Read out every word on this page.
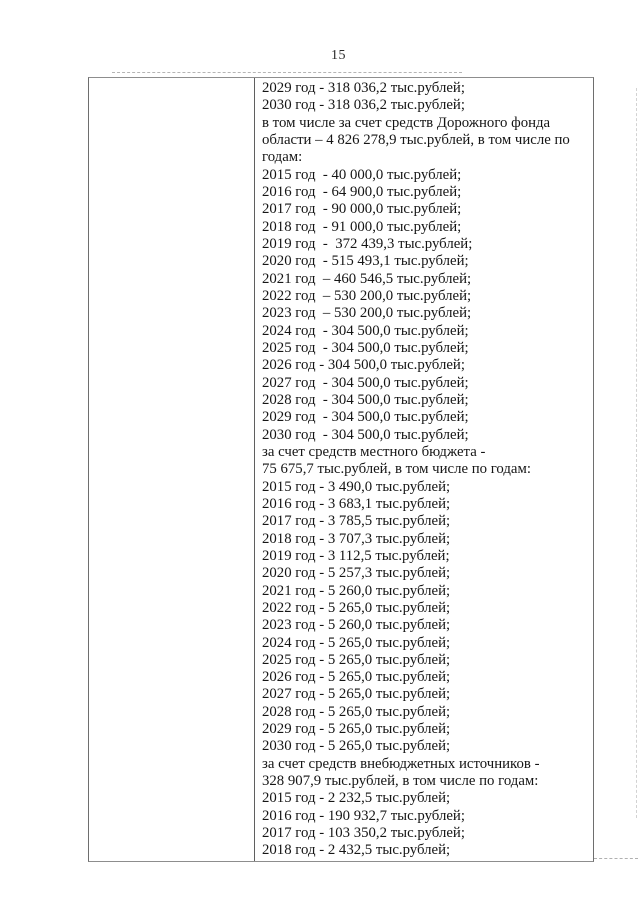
15
2029 год - 318 036,2 тыс.рублей;
2030 год - 318 036,2 тыс.рублей;
в том числе за счет средств Дорожного фонда
области – 4 826 278,9 тыс.рублей, в том числе по
годам:
2015 год  - 40 000,0 тыс.рублей;
2016 год  - 64 900,0 тыс.рублей;
2017 год  - 90 000,0 тыс.рублей;
2018 год  - 91 000,0 тыс.рублей;
2019 год  -  372 439,3 тыс.рублей;
2020 год  - 515 493,1 тыс.рублей;
2021 год  – 460 546,5 тыс.рублей;
2022 год  – 530 200,0 тыс.рублей;
2023 год  – 530 200,0 тыс.рублей;
2024 год  - 304 500,0 тыс.рублей;
2025 год  - 304 500,0 тыс.рублей;
2026 год - 304 500,0 тыс.рублей;
2027 год  - 304 500,0 тыс.рублей;
2028 год  - 304 500,0 тыс.рублей;
2029 год  - 304 500,0 тыс.рублей;
2030 год  - 304 500,0 тыс.рублей;
за счет средств местного бюджета -
75 675,7 тыс.рублей, в том числе по годам:
2015 год - 3 490,0 тыс.рублей;
2016 год - 3 683,1 тыс.рублей;
2017 год - 3 785,5 тыс.рублей;
2018 год - 3 707,3 тыс.рублей;
2019 год - 3 112,5 тыс.рублей;
2020 год - 5 257,3 тыс.рублей;
2021 год - 5 260,0 тыс.рублей;
2022 год - 5 265,0 тыс.рублей;
2023 год - 5 260,0 тыс.рублей;
2024 год - 5 265,0 тыс.рублей;
2025 год - 5 265,0 тыс.рублей;
2026 год - 5 265,0 тыс.рублей;
2027 год - 5 265,0 тыс.рублей;
2028 год - 5 265,0 тыс.рублей;
2029 год - 5 265,0 тыс.рублей;
2030 год - 5 265,0 тыс.рублей;
за счет средств внебюджетных источников -
328 907,9 тыс.рублей, в том числе по годам:
2015 год - 2 232,5 тыс.рублей;
2016 год - 190 932,7 тыс.рублей;
2017 год - 103 350,2 тыс.рублей;
2018 год - 2 432,5 тыс.рублей;
